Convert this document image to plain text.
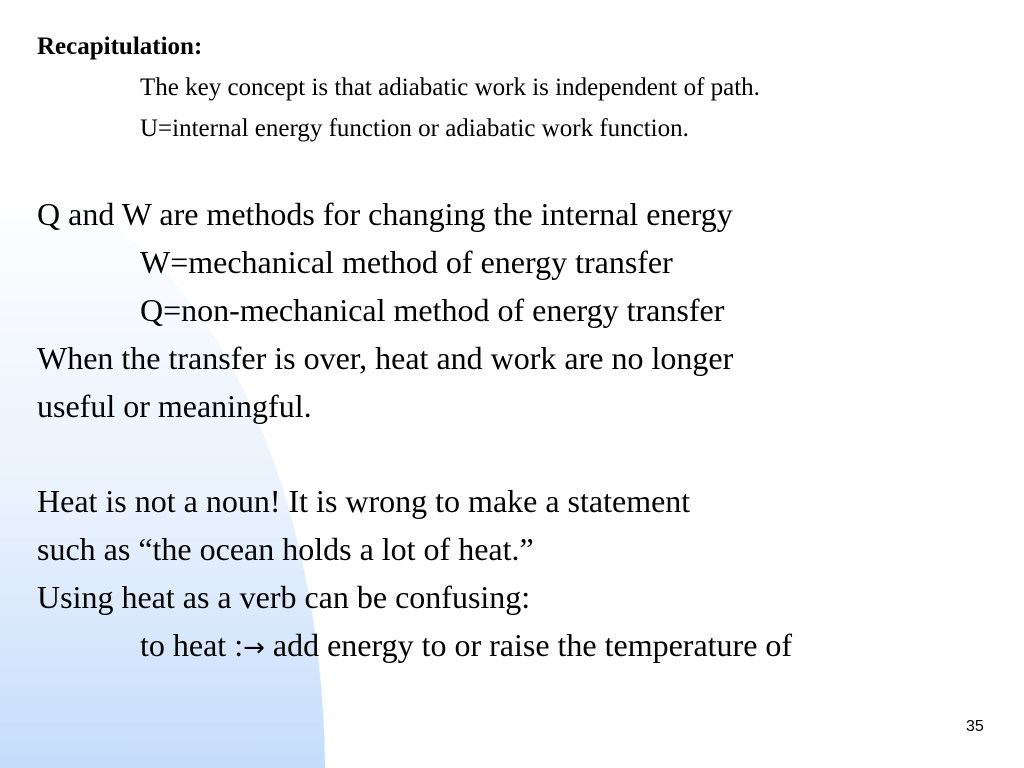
Recapitulation:
The key concept is that adiabatic work is independent of path.
U=internal energy function or adiabatic work function.
Q and W are methods for changing the internal energy
W=mechanical method of energy transfer
Q=non-mechanical method of energy transfer
When the transfer is over, heat and work are no longer
useful or meaningful.
Heat is not a noun! It is wrong to make a statement
such as “the ocean holds a lot of heat.”
Using heat as a verb can be confusing:
to heat :→ add energy to or raise the temperature of
35
